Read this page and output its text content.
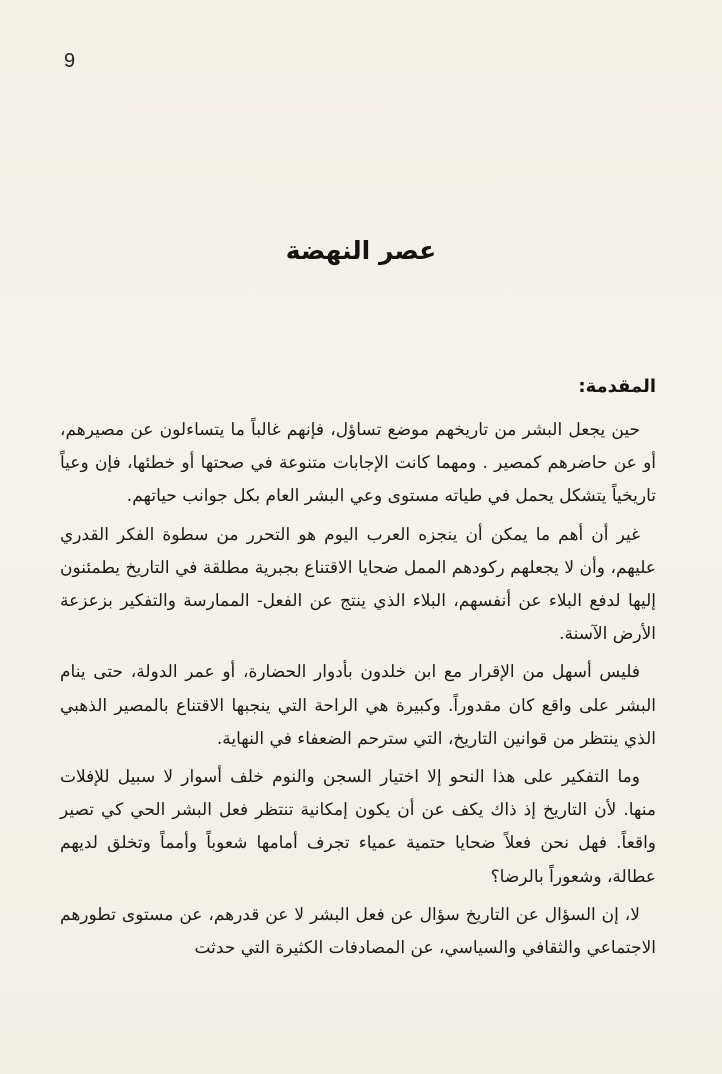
9
عصر النهضة
المقدمة:

حين يجعل البشر من تاريخهم موضع تساؤل، فإنهم غالباً ما يتساءلون عن مصيرهم، أو عن حاضرهم كمصير . ومهما كانت الإجابات متنوعة في صحتها أو خطئها، فإن وعياً تاريخياً يتشكل يحمل في طياته مستوى وعي البشر العام بكل جوانب حياتهم.

غير أن أهم ما يمكن أن ينجزه العرب اليوم هو التحرر من سطوة الفكر القدري عليهم، وأن لا يجعلهم ركودهم الممل ضحايا الاقتناع بجبرية مطلقة في التاريخ يطمئنون إليها لدفع البلاء عن أنفسهم، البلاء الذي ينتج عن الفعل- الممارسة والتفكير بزعزعة الأرض الآسنة.

فليس أسهل من الإقرار مع ابن خلدون بأدوار الحضارة، أو عمر الدولة، حتى ينام البشر على واقع كان مقدوراً. وكبيرة هي الراحة التي ينجبها الاقتناع بالمصير الذهبي الذي ينتظر من قوانين التاريخ، التي سترحم الضعفاء في النهاية.

وما التفكير على هذا النحو إلا اختيار السجن والنوم خلف أسوار لا سبيل للإفلات منها. لأن التاريخ إذ ذاك يكف عن أن يكون إمكانية تنتظر فعل البشر الحي كي تصير واقعاً. فهل نحن فعلاً ضحايا حتمية عمياء تجرف أمامها شعوباً وأمماً وتخلق لديهم عطالة، وشعوراً بالرضا؟

لا، إن السؤال عن التاريخ سؤال عن فعل البشر لا عن قدرهم، عن مستوى تطورهم الاجتماعي والثقافي والسياسي، عن المصادفات الكثيرة التي حدثت
